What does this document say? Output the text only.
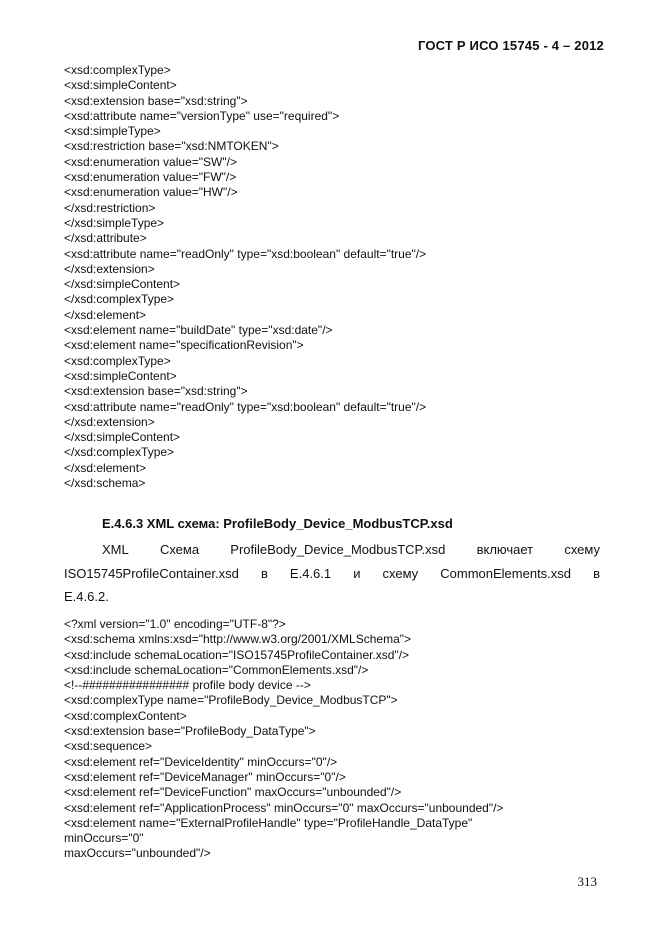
ГОСТ Р ИСО 15745 - 4 – 2012
<xsd:complexType>
<xsd:simpleContent>
<xsd:extension base="xsd:string">
<xsd:attribute name="versionType" use="required">
<xsd:simpleType>
<xsd:restriction base="xsd:NMTOKEN">
<xsd:enumeration value="SW"/>
<xsd:enumeration value="FW"/>
<xsd:enumeration value="HW"/>
</xsd:restriction>
</xsd:simpleType>
</xsd:attribute>
<xsd:attribute name="readOnly" type="xsd:boolean" default="true"/>
</xsd:extension>
</xsd:simpleContent>
</xsd:complexType>
</xsd:element>
<xsd:element name="buildDate" type="xsd:date"/>
<xsd:element name="specificationRevision">
<xsd:complexType>
<xsd:simpleContent>
<xsd:extension base="xsd:string">
<xsd:attribute name="readOnly" type="xsd:boolean" default="true"/>
</xsd:extension>
</xsd:simpleContent>
</xsd:complexType>
</xsd:element>
</xsd:schema>
E.4.6.3 XML схема: ProfileBody_Device_ModbusTCP.xsd
XML Схема ProfileBody_Device_ModbusTCP.xsd включает схему
ISO15745ProfileContainer.xsd в E.4.6.1 и схему CommonElements.xsd в
E.4.6.2.
<?xml version="1.0" encoding="UTF-8"?>
<xsd:schema xmlns:xsd="http://www.w3.org/2001/XMLSchema">
<xsd:include schemaLocation="ISO15745ProfileContainer.xsd"/>
<xsd:include schemaLocation="CommonElements.xsd"/>
<!--################ profile body device -->
<xsd:complexType name="ProfileBody_Device_ModbusTCP">
<xsd:complexContent>
<xsd:extension base="ProfileBody_DataType">
<xsd:sequence>
<xsd:element ref="DeviceIdentity" minOccurs="0"/>
<xsd:element ref="DeviceManager" minOccurs="0"/>
<xsd:element ref="DeviceFunction" maxOccurs="unbounded"/>
<xsd:element ref="ApplicationProcess" minOccurs="0" maxOccurs="unbounded"/>
<xsd:element name="ExternalProfileHandle" type="ProfileHandle_DataType"
minOccurs="0"
maxOccurs="unbounded"/>
313
